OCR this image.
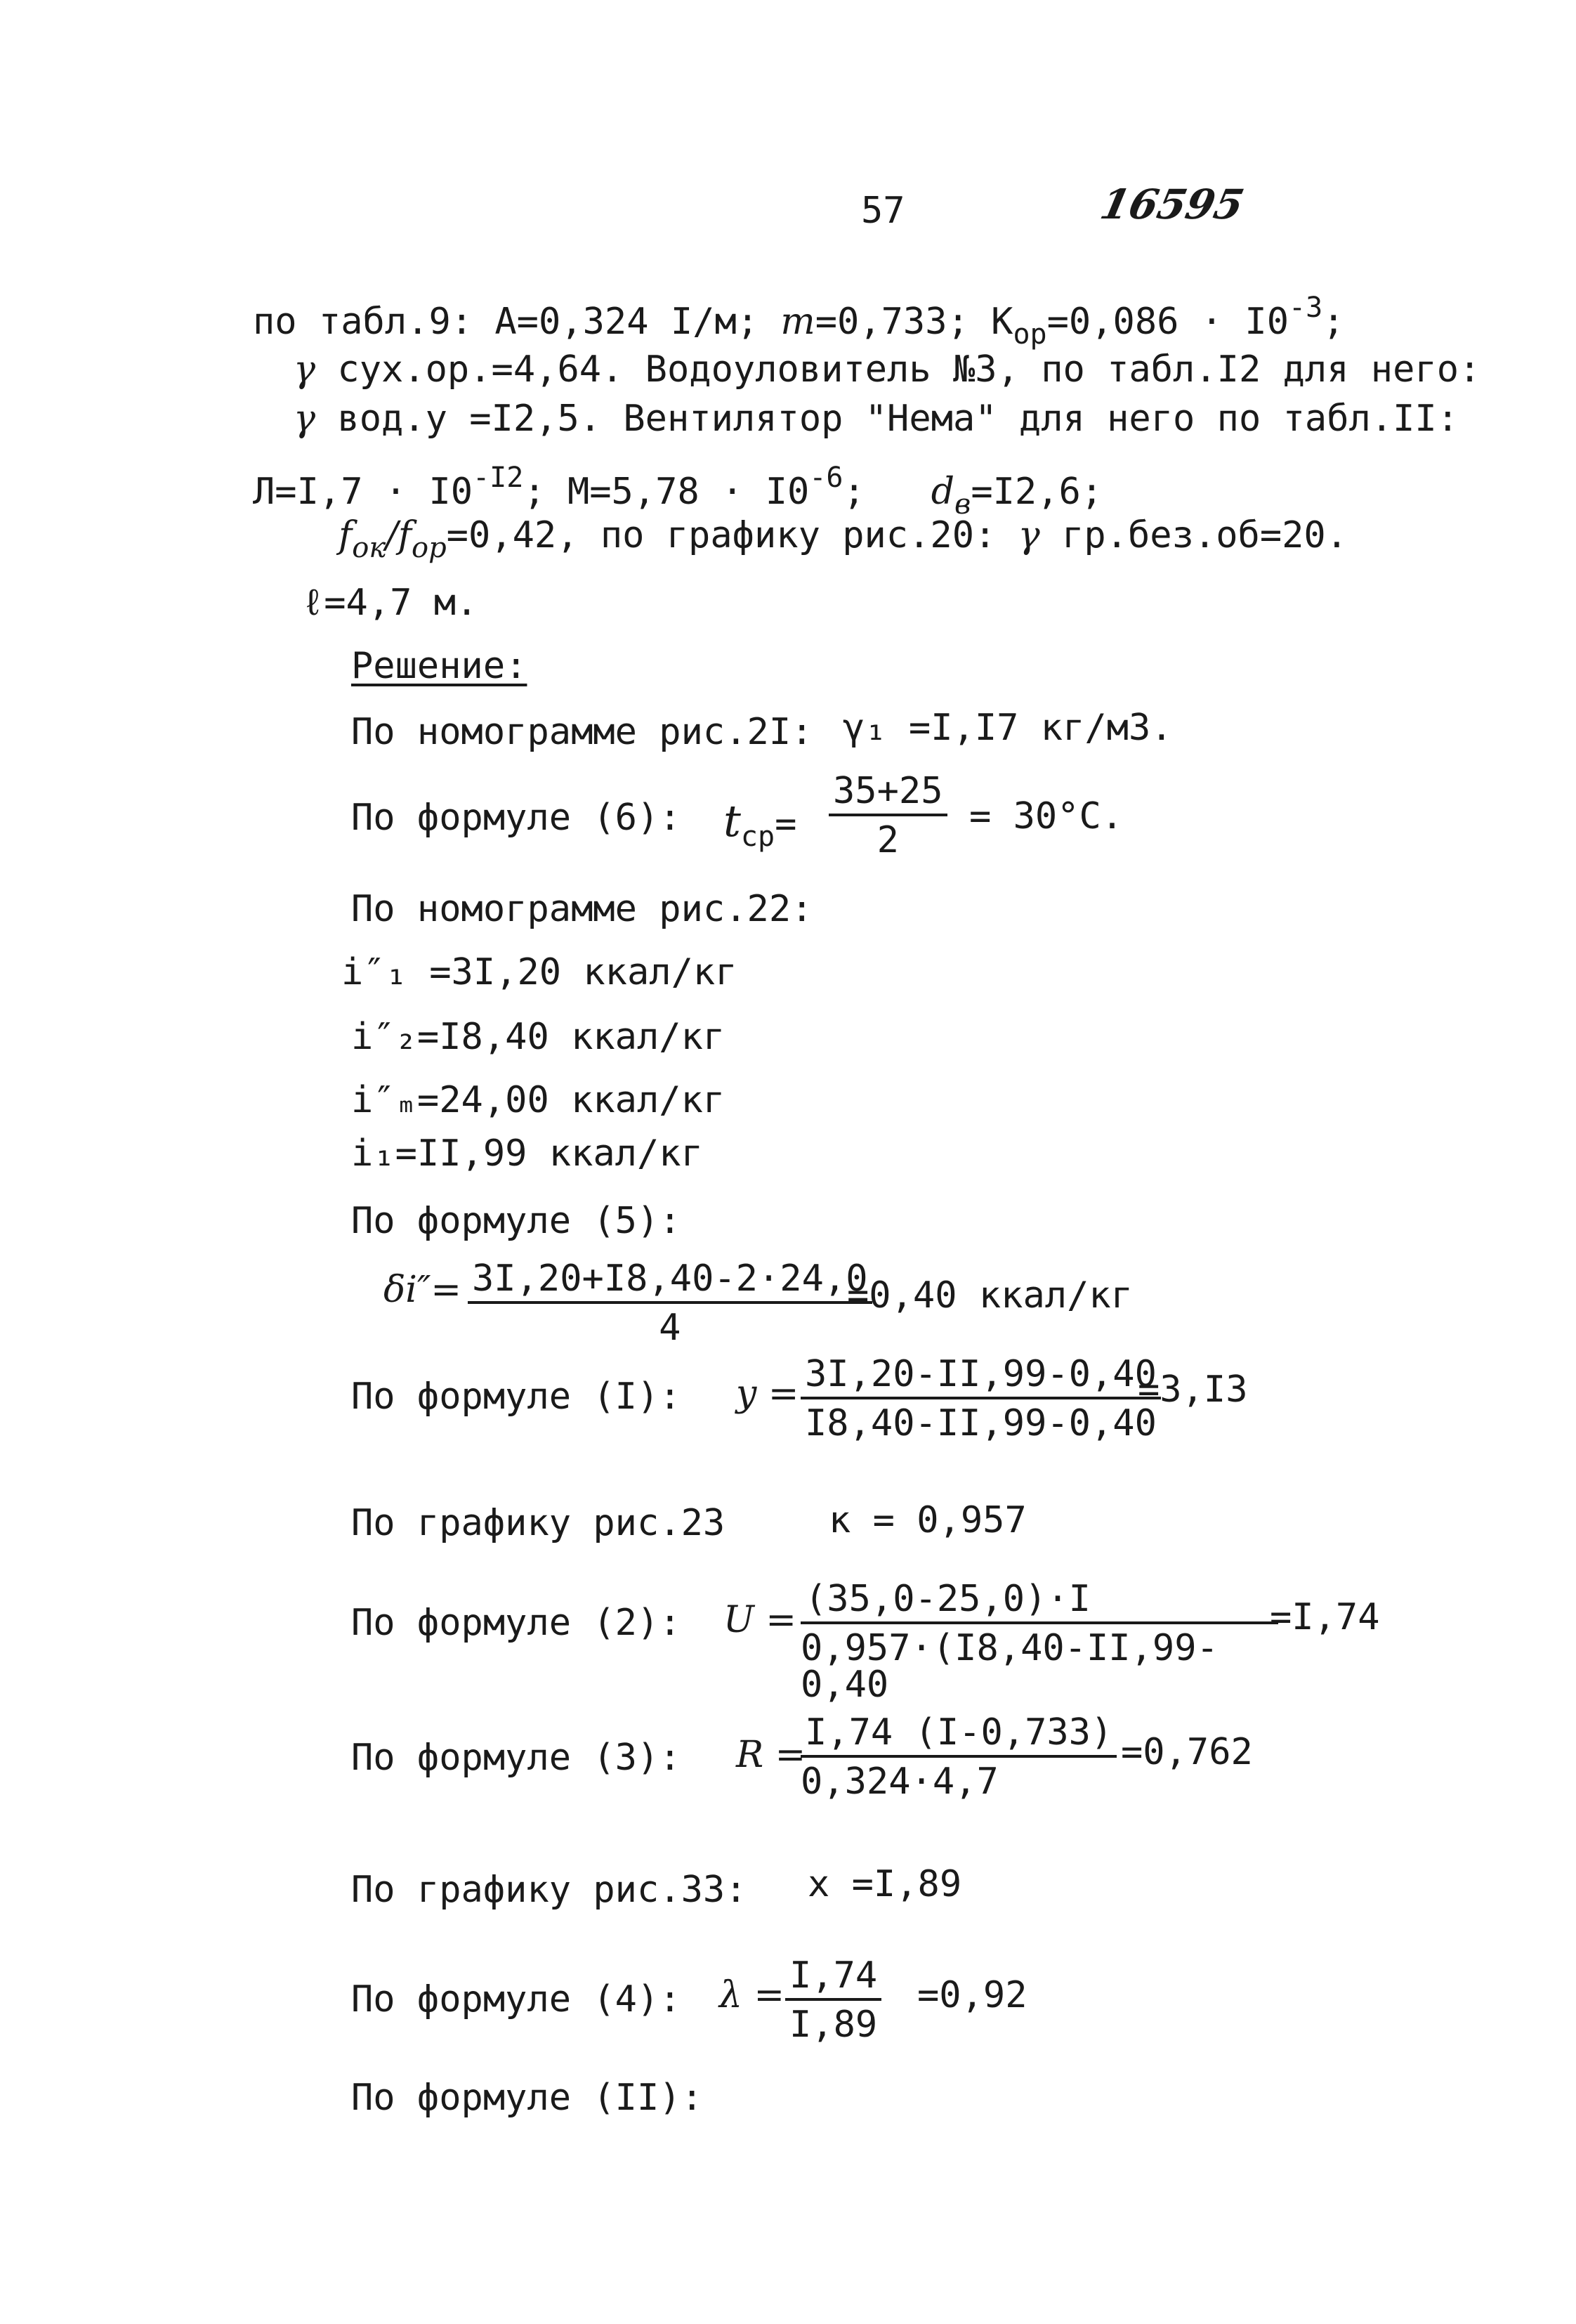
57	16595
по табл.9: А=0,324 I/м; m=0,733; $К_{ор}=0,086 \cdot I0^{-3}$;
γ сух.ор.=4,64. Водоуловитель №3, по табл.I2 для него:
γ вод.у =I2,5. Вентилятор "Нема" для него по табл.II:
$Л=I,7 \cdot I0^{-I2}$; $М=5,78 \cdot I0^{-6}$; $d_в=I2,6$;
$f_{ок}/f_{ор}=0,42$, по графику рис.20: γ гр.без.об=20.
ℓ=4,7 м.
Решение:
По номограмме рис.2I: γ₁ =I,I7 кг/м3.
По формуле (6): $t_{ср}= \frac{35+25}{2} = 30^\circ С$.
По номограмме рис.22:
i″₁ =3I,20 ккал/кг
i″₂=I8,40 ккал/кг
i″ₘ=24,00 ккал/кг
i₁=II,99 ккал/кг
По формуле (5):
$\delta i''= \frac{3I,20+I8,40-2\cdot 24,0}{4}$
=0,40 ккал/кг
По формуле (I): $y = \frac{3I,20-II,99-0,40}{I8,40-II,99-0,40}$
=3,I3
По графику рис.23	к = 0,957
По формуле (2): $U = \frac{(35,0-25,0)\cdot I}{0,957\cdot(I8,40-II,99-0,40}$
=I,74
По формуле (3): R =
$\frac{I,74 (I-0,733)}{0,324\cdot 4,7} =0,762$
По графику рис.33: x =I,89
По формуле (4): $\lambda = \frac{I,74}{I,89} =0,92$
По формуле (II):
